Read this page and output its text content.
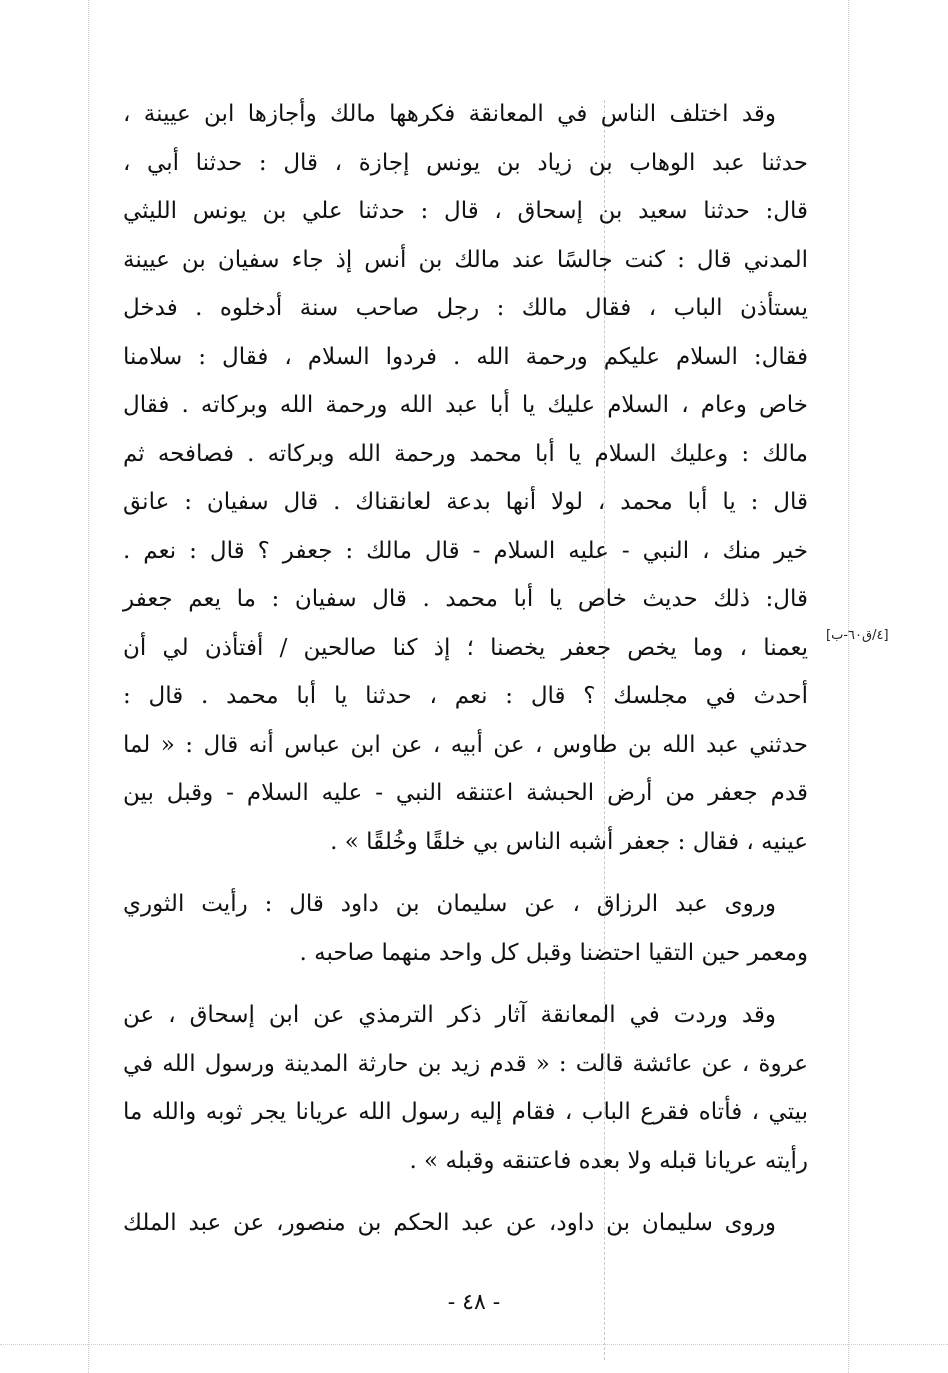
وقد اختلف الناس في المعانقة فكرهها مالك وأجازها ابن عيينة ،
حدثنا عبد الوهاب بن زياد بن يونس إجازة ، قال : حدثنا أبي ،
قال: حدثنا سعيد بن إسحاق ، قال : حدثنا علي بن يونس الليثي
المدني قال : كنت جالسًا عند مالك بن أنس إذ جاء سفيان بن عيينة
يستأذن الباب ، فقال مالك : رجل صاحب سنة أدخلوه . فدخل
فقال: السلام عليكم ورحمة الله . فردوا السلام ، فقال : سلامنا
خاص وعام ، السلام عليك يا أبا عبد الله ورحمة الله وبركاته . فقال
مالك : وعليك السلام يا أبا محمد ورحمة الله وبركاته . فصافحه ثم
قال : يا أبا محمد ، لولا أنها بدعة لعانقناك . قال سفيان : عانق
خير منك ، النبي - عليه السلام - قال مالك : جعفر ؟ قال : نعم .
قال: ذلك حديث خاص يا أبا محمد . قال سفيان : ما يعم جعفر
يعمنا ، وما يخص جعفر يخصنا ؛ إذ كنا صالحين / أفتأذن لي أن
أحدث في مجلسك ؟ قال : نعم ، حدثنا يا أبا محمد . قال :
حدثني عبد الله بن طاوس ، عن أبيه ، عن ابن عباس أنه قال : « لما
قدم جعفر من أرض الحبشة اعتنقه النبي - عليه السلام - وقبل بين
عينيه ، فقال : جعفر أشبه الناس بي خلقًا وخُلقًا » .
وروى عبد الرزاق ، عن سليمان بن داود قال : رأيت الثوري
ومعمر حين التقيا احتضنا وقبل كل واحد منهما صاحبه .
وقد وردت في المعانقة آثار ذكر الترمذي عن ابن إسحاق ، عن
عروة ، عن عائشة قالت : « قدم زيد بن حارثة المدينة ورسول الله في
بيتي ، فأتاه فقرع الباب ، فقام إليه رسول الله عريانا يجر ثوبه والله ما
رأيته عريانا قبله ولا بعده فاعتنقه وقبله » .
وروى سليمان بن داود، عن عبد الحكم بن منصور، عن عبد الملك
[٤/ق٦٠-ب]
- ٤٨ -
